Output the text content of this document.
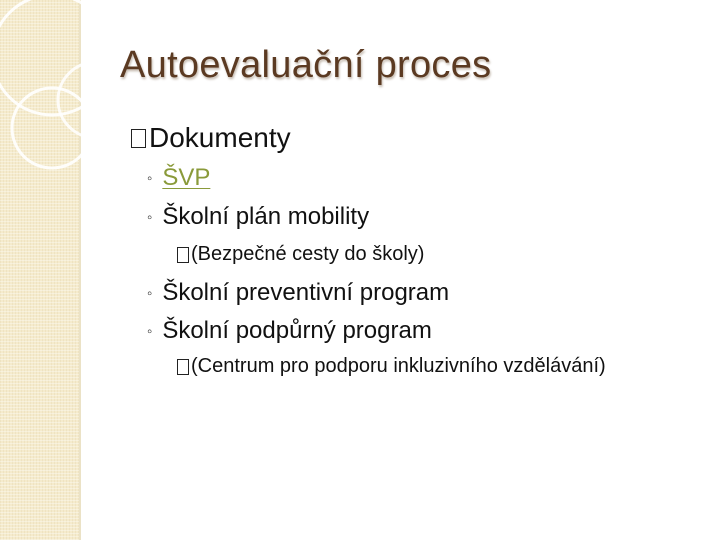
Autoevaluační proces
Dokumenty
◦ ŠVP
◦ Školní plán mobility
(Bezpečné cesty do školy)
◦ Školní preventivní program
◦ Školní podpůrný program
(Centrum pro podporu inkluzivního vzdělávání)
